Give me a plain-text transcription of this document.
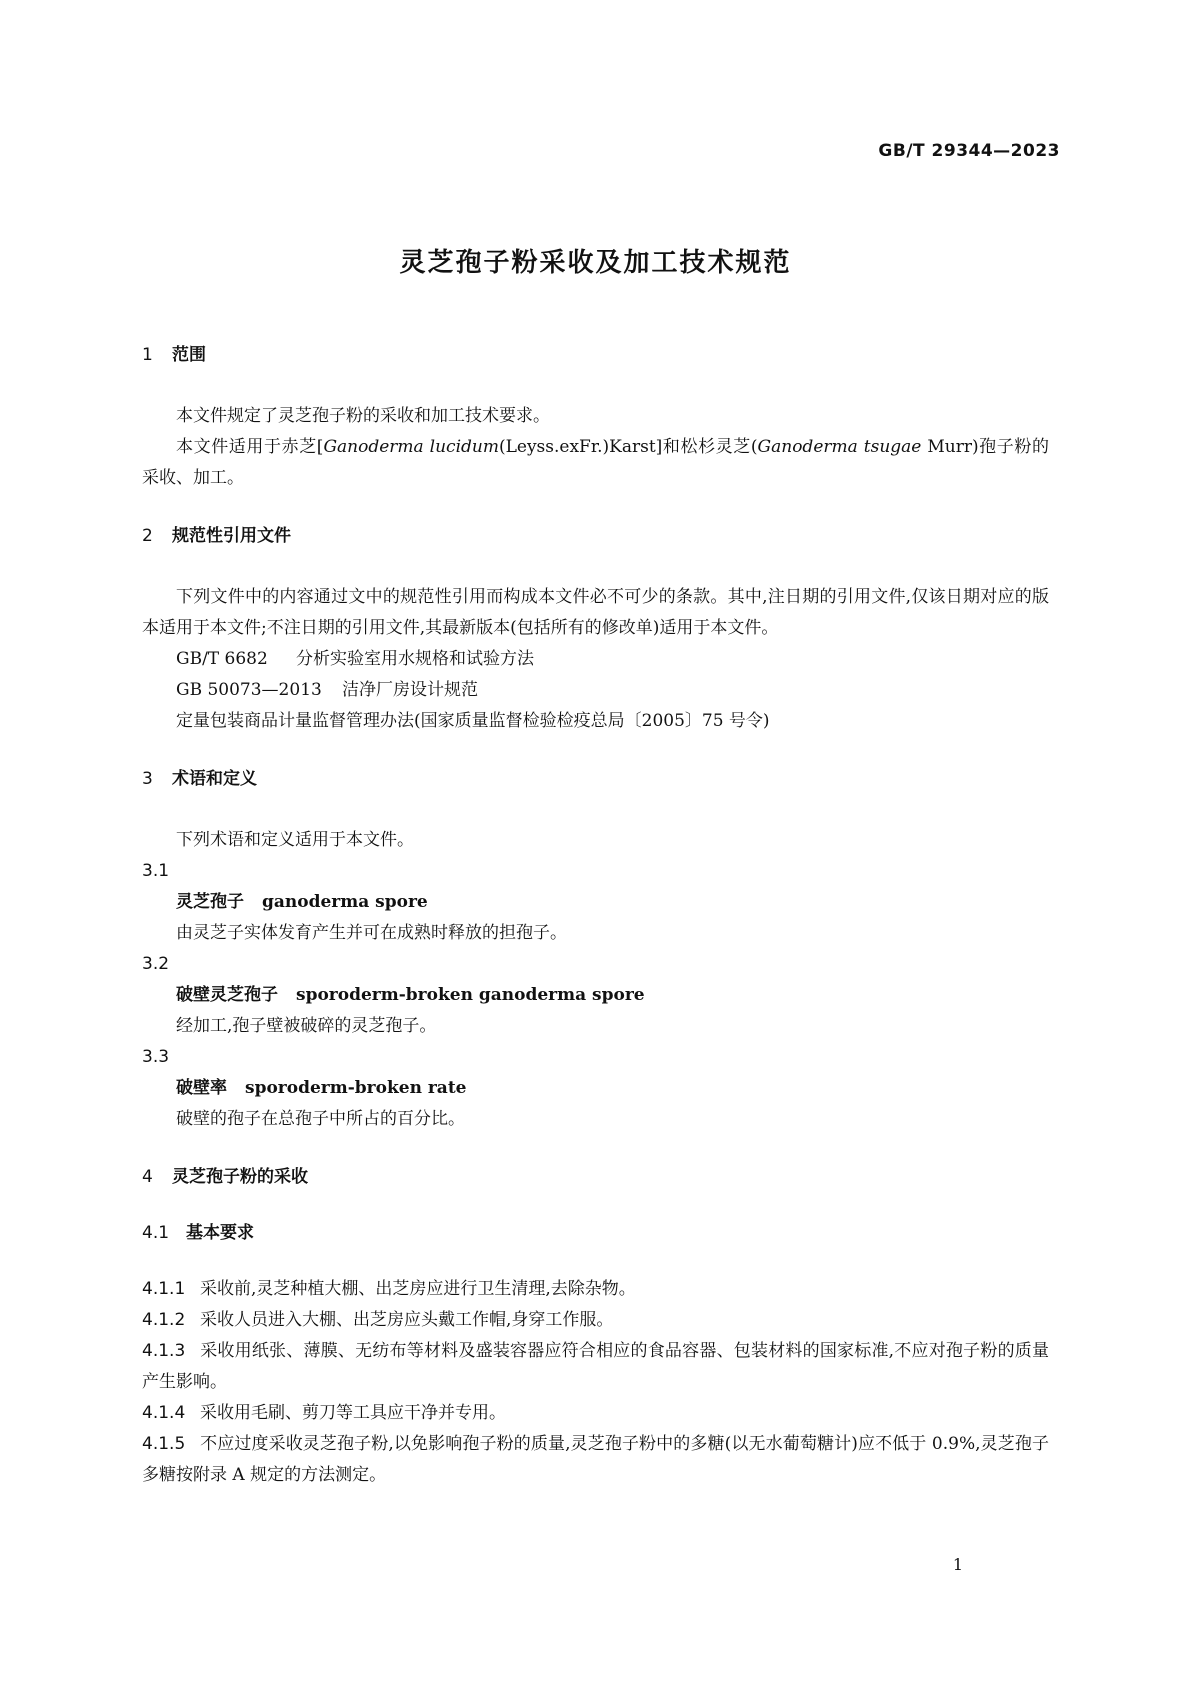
GB/T 29344—2023
灵芝孢子粉采收及加工技术规范
1 范围

本文件规定了灵芝孢子粉的采收和加工技术要求。

本文件适用于赤芝[Ganoderma lucidum(Leyss.exFr.)Karst]和松杉灵芝(Ganoderma tsugae Murr)孢子粉的采收、加工。

2 规范性引用文件

下列文件中的内容通过文中的规范性引用而构成本文件必不可少的条款。其中,注日期的引用文件,仅该日期对应的版本适用于本文件;不注日期的引用文件,其最新版本(包括所有的修改单)适用于本文件。

GB/T 6682 分析实验室用水规格和试验方法

GB 50073—2013 洁净厂房设计规范

定量包装商品计量监督管理办法(国家质量监督检验检疫总局〔2005〕75 号令)

3 术语和定义

下列术语和定义适用于本文件。

3.1

灵芝孢子 ganoderma spore

由灵芝子实体发育产生并可在成熟时释放的担孢子。

3.2

破壁灵芝孢子 sporoderm-broken ganoderma spore

经加工,孢子壁被破碎的灵芝孢子。

3.3

破壁率 sporoderm-broken rate

破壁的孢子在总孢子中所占的百分比。

4 灵芝孢子粉的采收
4.1 基本要求

4.1.1 采收前,灵芝种植大棚、出芝房应进行卫生清理,去除杂物。

4.1.2 采收人员进入大棚、出芝房应头戴工作帽,身穿工作服。

4.1.3 采收用纸张、薄膜、无纺布等材料及盛装容器应符合相应的食品容器、包装材料的国家标准,不应对孢子粉的质量产生影响。

4.1.4 采收用毛刷、剪刀等工具应干净并专用。

4.1.5 不应过度采收灵芝孢子粉,以免影响孢子粉的质量,灵芝孢子粉中的多糖(以无水葡萄糖计)应不低于 0.9%,灵芝孢子多糖按附录 A 规定的方法测定。

1
